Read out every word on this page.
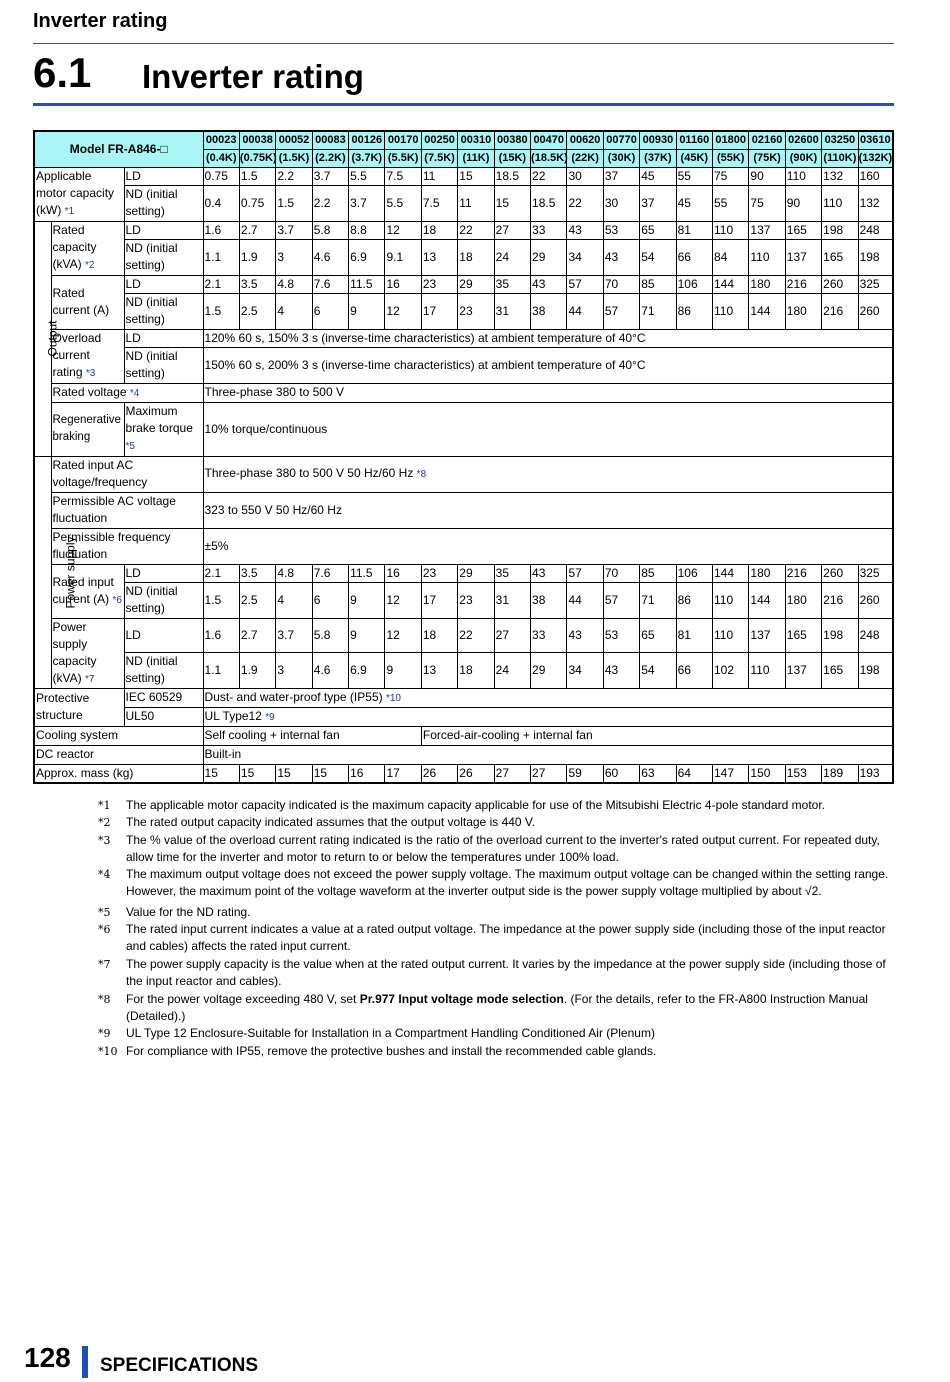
Inverter rating
6.1 Inverter rating
Model FR-A846-□			00023	00038	00052	00083	00126	00170	00250	00310	00380	00470	00620	00770	00930	01160	01800	02160	02600	03250	03610
			(0.4K)	(0.75K)	(1.5K)	(2.2K)	(3.7K)	(5.5K)	(7.5K)	(11K)	(15K)	(18.5K)	(22K)	(30K)	(37K)	(45K)	(55K)	(75K)	(90K)	(110K)	(132K)
Applicable motor capacity (kW) *1		LD	0.75	1.5	2.2	3.7	5.5	7.5	11	15	18.5	22	30	37	45	55	75	90	110	132	160
		ND (initial setting)	0.4	0.75	1.5	2.2	3.7	5.5	7.5	11	15	18.5	22	30	37	45	55	75	90	110	132
Output	Rated capacity (kVA) *2	LD	1.6	2.7	3.7	5.8	8.8	12	18	22	27	33	43	53	65	81	110	137	165	198	248
		ND (initial setting)	1.1	1.9	3	4.6	6.9	9.1	13	18	24	29	34	43	54	66	84	110	137	165	198
	Rated current (A)	LD	2.1	3.5	4.8	7.6	11.5	16	23	29	35	43	57	70	85	106	144	180	216	260	325
		ND (initial setting)	1.5	2.5	4	6	9	12	17	23	31	38	44	57	71	86	110	144	180	216	260
	Overload current rating *3	LD	120% 60 s, 150% 3 s (inverse-time characteristics) at ambient temperature of 40°C																		
		ND (initial setting)	150% 60 s, 200% 3 s (inverse-time characteristics) at ambient temperature of 40°C																		
	Rated voltage *4		Three-phase 380 to 500 V																		
	Regenerative braking	Maximum brake torque *5	10% torque/continuous																		
Power supply	Rated input AC voltage/frequency		Three-phase 380 to 500 V 50 Hz/60 Hz *8																		
	Permissible AC voltage fluctuation		323 to 550 V 50 Hz/60 Hz																		
	Permissible frequency fluctuation		±5%																		
	Rated input current (A) *6	LD	2.1	3.5	4.8	7.6	11.5	16	23	29	35	43	57	70	85	106	144	180	216	260	325
		ND (initial setting)	1.5	2.5	4	6	9	12	17	23	31	38	44	57	71	86	110	144	180	216	260
	Power supply capacity (kVA) *7	LD	1.6	2.7	3.7	5.8	9	12	18	22	27	33	43	53	65	81	110	137	165	198	248
		ND (initial setting)	1.1	1.9	3	4.6	6.9	9	13	18	24	29	34	43	54	66	102	110	137	165	198
Protective structure		IEC 60529	Dust- and water-proof type (IP55) *10																		
		UL50	UL Type12 *9																		
Cooling system			Self cooling + internal fan						Forced-air-cooling + internal fan												
DC reactor			Built-in																		
Approx. mass (kg)			15	15	15	15	16	17	26	26	27	27	59	60	63	64	147	150	153	189	193
*1	The applicable motor capacity indicated is the maximum capacity applicable for use of the Mitsubishi Electric 4-pole standard motor.
*2	The rated output capacity indicated assumes that the output voltage is 440 V.
*3	The % value of the overload current rating indicated is the ratio of the overload current to the inverter's rated output current. For repeated duty, allow time for the inverter and motor to return to or below the temperatures under 100% load.
*4	The maximum output voltage does not exceed the power supply voltage. The maximum output voltage can be changed within the setting range. However, the maximum point of the voltage waveform at the inverter output side is the power supply voltage multiplied by about √2.
*5	Value for the ND rating.
*6	The rated input current indicates a value at a rated output voltage. The impedance at the power supply side (including those of the input reactor and cables) affects the rated input current.
*7	The power supply capacity is the value when at the rated output current. It varies by the impedance at the power supply side (including those of the input reactor and cables).
*8	For the power voltage exceeding 480 V, set Pr.977 Input voltage mode selection. (For the details, refer to the FR-A800 Instruction Manual (Detailed).)
*9	UL Type 12 Enclosure-Suitable for Installation in a Compartment Handling Conditioned Air (Plenum)
*10 For compliance with IP55, remove the protective bushes and install the recommended cable glands.
128 SPECIFICATIONS
